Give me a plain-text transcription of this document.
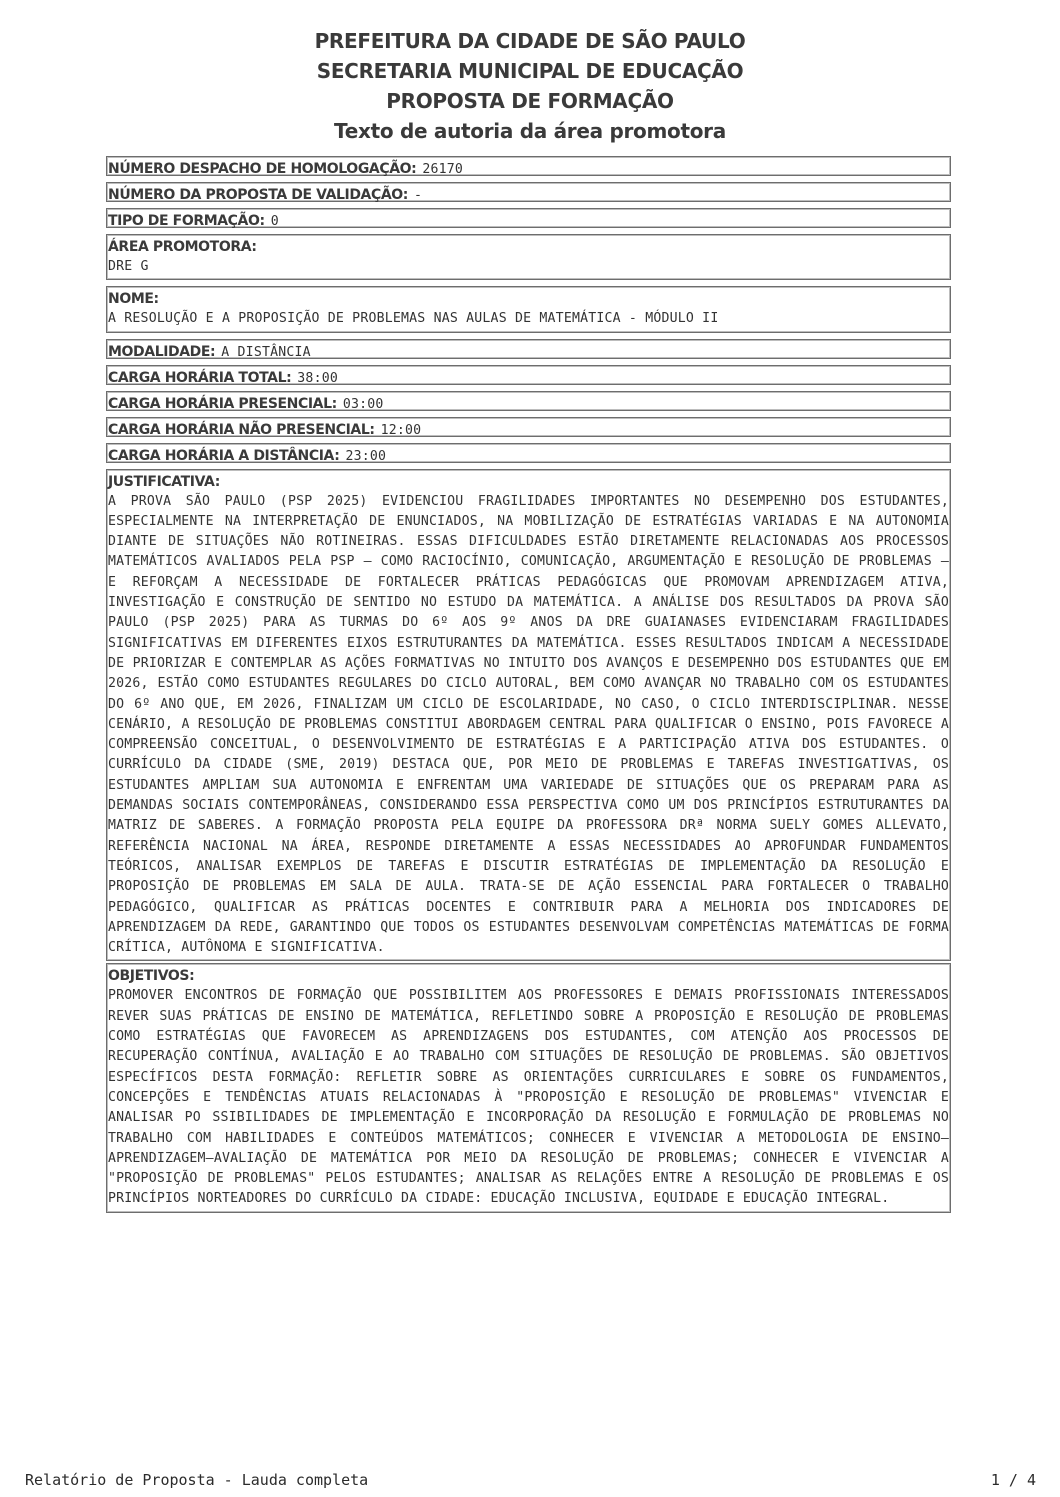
PREFEITURA DA CIDADE DE SÃO PAULO
SECRETARIA MUNICIPAL DE EDUCAÇÃO
PROPOSTA DE FORMAÇÃO
Texto de autoria da área promotora
NÚMERO DESPACHO DE HOMOLOGAÇÃO: 26170
NÚMERO DA PROPOSTA DE VALIDAÇÃO: -
TIPO DE FORMAÇÃO: 0
ÁREA PROMOTORA:
DRE G
NOME:
A RESOLUÇÃO E A PROPOSIÇÃO DE PROBLEMAS NAS AULAS DE MATEMÁTICA - MÓDULO II
MODALIDADE: A DISTÂNCIA
CARGA HORÁRIA TOTAL: 38:00
CARGA HORÁRIA PRESENCIAL: 03:00
CARGA HORÁRIA NÃO PRESENCIAL: 12:00
CARGA HORÁRIA A DISTÂNCIA: 23:00
JUSTIFICATIVA:
A PROVA SÃO PAULO (PSP 2025) EVIDENCIOU FRAGILIDADES IMPORTANTES NO DESEMPENHO DOS ESTUDANTES, ESPECIALMENTE NA INTERPRETAÇÃO DE ENUNCIADOS, NA MOBILIZAÇÃO DE ESTRATÉGIAS VARIADAS E NA AUTONOMIA DIANTE DE SITUAÇÕES NÃO ROTINEIRAS. ESSAS DIFICULDADES ESTÃO DIRETAMENTE RELACIONADAS AOS PROCESSOS MATEMÁTICOS AVALIADOS PELA PSP — COMO RACIOCÍNIO, COMUNICAÇÃO, ARGUMENTAÇÃO E RESOLUÇÃO DE PROBLEMAS — E REFORÇAM A NECESSIDADE DE FORTALECER PRÁTICAS PEDAGÓGICAS QUE PROMOVAM APRENDIZAGEM ATIVA, INVESTIGAÇÃO E CONSTRUÇÃO DE SENTIDO NO ESTUDO DA MATEMÁTICA. A ANÁLISE DOS RESULTADOS DA PROVA SÃO PAULO (PSP 2025) PARA AS TURMAS DO 6º AOS 9º ANOS DA DRE GUAIANASES EVIDENCIARAM FRAGILIDADES SIGNIFICATIVAS EM DIFERENTES EIXOS ESTRUTURANTES DA MATEMÁTICA. ESSES RESULTADOS INDICAM A NECESSIDADE DE PRIORIZAR E CONTEMPLAR AS AÇÕES FORMATIVAS NO INTUITO DOS AVANÇOS E DESEMPENHO DOS ESTUDANTES QUE EM 2026, ESTÃO COMO ESTUDANTES REGULARES DO CICLO AUTORAL, BEM COMO AVANÇAR NO TRABALHO COM OS ESTUDANTES DO 6º ANO QUE, EM 2026, FINALIZAM UM CICLO DE ESCOLARIDADE, NO CASO, O CICLO INTERDISCIPLINAR. NESSE CENÁRIO, A RESOLUÇÃO DE PROBLEMAS CONSTITUI ABORDAGEM CENTRAL PARA QUALIFICAR O ENSINO, POIS FAVORECE A COMPREENSÃO CONCEITUAL, O DESENVOLVIMENTO DE ESTRATÉGIAS E A PARTICIPAÇÃO ATIVA DOS ESTUDANTES. O CURRÍCULO DA CIDADE (SME, 2019) DESTACA QUE, POR MEIO DE PROBLEMAS E TAREFAS INVESTIGATIVAS, OS ESTUDANTES AMPLIAM SUA AUTONOMIA E ENFRENTAM UMA VARIEDADE DE SITUAÇÕES QUE OS PREPARAM PARA AS DEMANDAS SOCIAIS CONTEMPORÂNEAS, CONSIDERANDO ESSA PERSPECTIVA COMO UM DOS PRINCÍPIOS ESTRUTURANTES DA MATRIZ DE SABERES. A FORMAÇÃO PROPOSTA PELA EQUIPE DA PROFESSORA DRª NORMA SUELY GOMES ALLEVATO, REFERÊNCIA NACIONAL NA ÁREA, RESPONDE DIRETAMENTE A ESSAS NECESSIDADES AO APROFUNDAR FUNDAMENTOS TEÓRICOS, ANALISAR EXEMPLOS DE TAREFAS E DISCUTIR ESTRATÉGIAS DE IMPLEMENTAÇÃO DA RESOLUÇÃO E PROPOSIÇÃO DE PROBLEMAS EM SALA DE AULA. TRATA-SE DE AÇÃO ESSENCIAL PARA FORTALECER O TRABALHO PEDAGÓGICO, QUALIFICAR AS PRÁTICAS DOCENTES E CONTRIBUIR PARA A MELHORIA DOS INDICADORES DE APRENDIZAGEM DA REDE, GARANTINDO QUE TODOS OS ESTUDANTES DESENVOLVAM COMPETÊNCIAS MATEMÁTICAS DE FORMA CRÍTICA, AUTÔNOMA E SIGNIFICATIVA.
OBJETIVOS:
PROMOVER ENCONTROS DE FORMAÇÃO QUE POSSIBILITEM AOS PROFESSORES E DEMAIS PROFISSIONAIS INTERESSADOS REVER SUAS PRÁTICAS DE ENSINO DE MATEMÁTICA, REFLETINDO SOBRE A PROPOSIÇÃO E RESOLUÇÃO DE PROBLEMAS COMO ESTRATÉGIAS QUE FAVORECEM AS APRENDIZAGENS DOS ESTUDANTES, COM ATENÇÃO AOS PROCESSOS DE RECUPERAÇÃO CONTÍNUA, AVALIAÇÃO E AO TRABALHO COM SITUAÇÕES DE RESOLUÇÃO DE PROBLEMAS. SÃO OBJETIVOS ESPECÍFICOS DESTA FORMAÇÃO: REFLETIR SOBRE AS ORIENTAÇÕES CURRICULARES E SOBRE OS FUNDAMENTOS, CONCEPÇÕES E TENDÊNCIAS ATUAIS RELACIONADAS À "PROPOSIÇÃO E RESOLUÇÃO DE PROBLEMAS" VIVENCIAR E ANALISAR PO SSIBILIDADES DE IMPLEMENTAÇÃO E INCORPORAÇÃO DA RESOLUÇÃO E FORMULAÇÃO DE PROBLEMAS NO TRABALHO COM HABILIDADES E CONTEÚDOS MATEMÁTICOS; CONHECER E VIVENCIAR A METODOLOGIA DE ENSINO—APRENDIZAGEM—AVALIAÇÃO DE MATEMÁTICA POR MEIO DA RESOLUÇÃO DE PROBLEMAS; CONHECER E VIVENCIAR A "PROPOSIÇÃO DE PROBLEMAS" PELOS ESTUDANTES; ANALISAR AS RELAÇÕES ENTRE A RESOLUÇÃO DE PROBLEMAS E OS PRINCÍPIOS NORTEADORES DO CURRÍCULO DA CIDADE: EDUCAÇÃO INCLUSIVA, EQUIDADE E EDUCAÇÃO INTEGRAL.
Relatório de Proposta - Lauda completa	1 / 4
